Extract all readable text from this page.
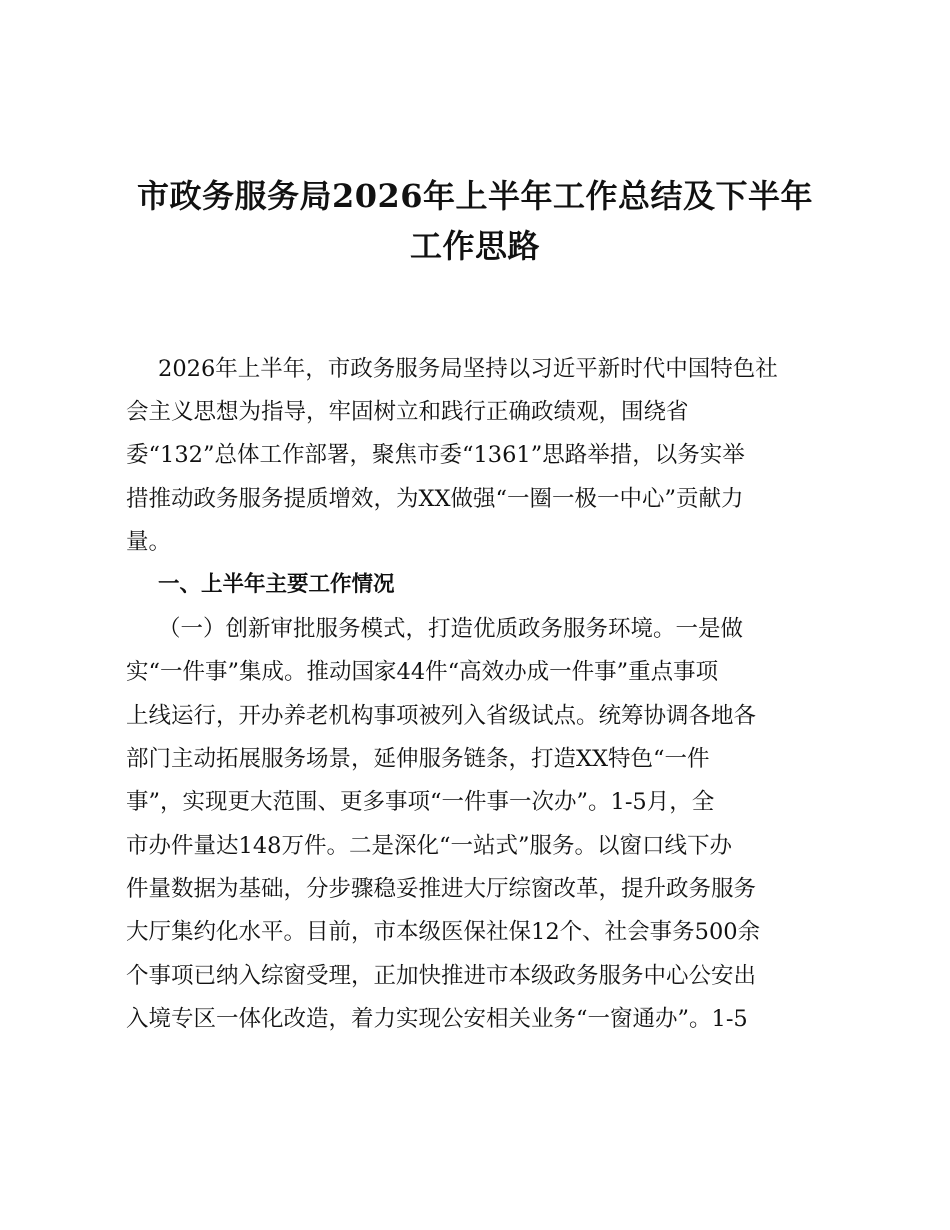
市政务服务局2026年上半年工作总结及下半年
工作思路
2026年上半年，市政务服务局坚持以习近平新时代中国特色社
会主义思想为指导，牢固树立和践行正确政绩观，围绕省
委“132”总体工作部署，聚焦市委“1361”思路举措，以务实举
措推动政务服务提质增效，为XX做强“一圈一极一中心”贡献力
量。
一、上半年主要工作情况
（一）创新审批服务模式，打造优质政务服务环境。一是做
实“一件事”集成。推动国家44件“高效办成一件事”重点事项
上线运行，开办养老机构事项被列入省级试点。统筹协调各地各
部门主动拓展服务场景，延伸服务链条，打造XX特色“一件
事”，实现更大范围、更多事项“一件事一次办”。1-5月，全
市办件量达148万件。二是深化“一站式”服务。以窗口线下办
件量数据为基础，分步骤稳妥推进大厅综窗改革，提升政务服务
大厅集约化水平。目前，市本级医保社保12个、社会事务500余
个事项已纳入综窗受理，正加快推进市本级政务服务中心公安出
入境专区一体化改造，着力实现公安相关业务“一窗通办”。1-5
